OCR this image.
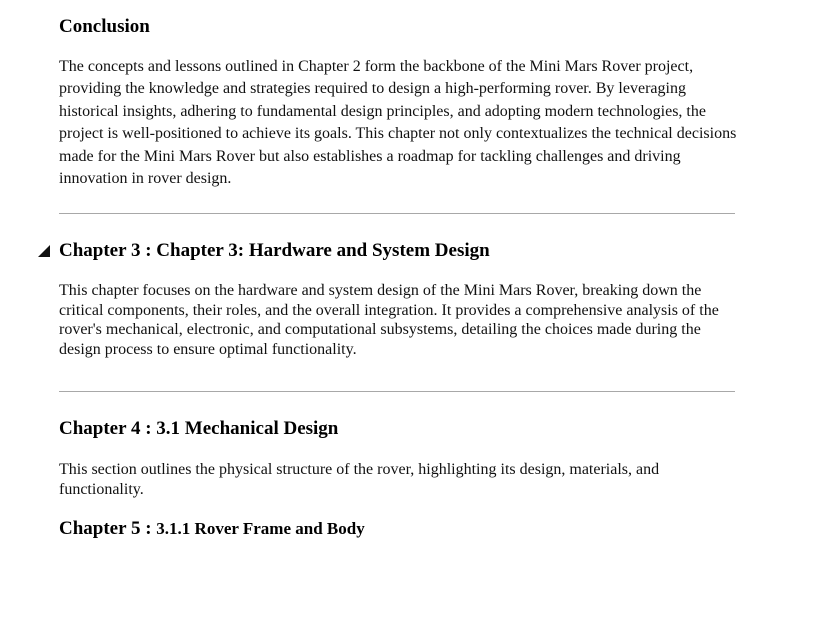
Conclusion

The concepts and lessons outlined in Chapter 2 form the backbone of the Mini Mars Rover project, providing the knowledge and strategies required to design a high-performing rover. By leveraging historical insights, adhering to fundamental design principles, and adopting modern technologies, the project is well-positioned to achieve its goals. This chapter not only contextualizes the technical decisions made for the Mini Mars Rover but also establishes a roadmap for tackling challenges and driving innovation in rover design.

Chapter 3 : Chapter 3: Hardware and System Design

This chapter focuses on the hardware and system design of the Mini Mars Rover, breaking down the critical components, their roles, and the overall integration. It provides a comprehensive analysis of the rover's mechanical, electronic, and computational subsystems, detailing the choices made during the design process to ensure optimal functionality.

Chapter 4 : 3.1 Mechanical Design

This section outlines the physical structure of the rover, highlighting its design, materials, and functionality.

Chapter 5 : 3.1.1 Rover Frame and Body
